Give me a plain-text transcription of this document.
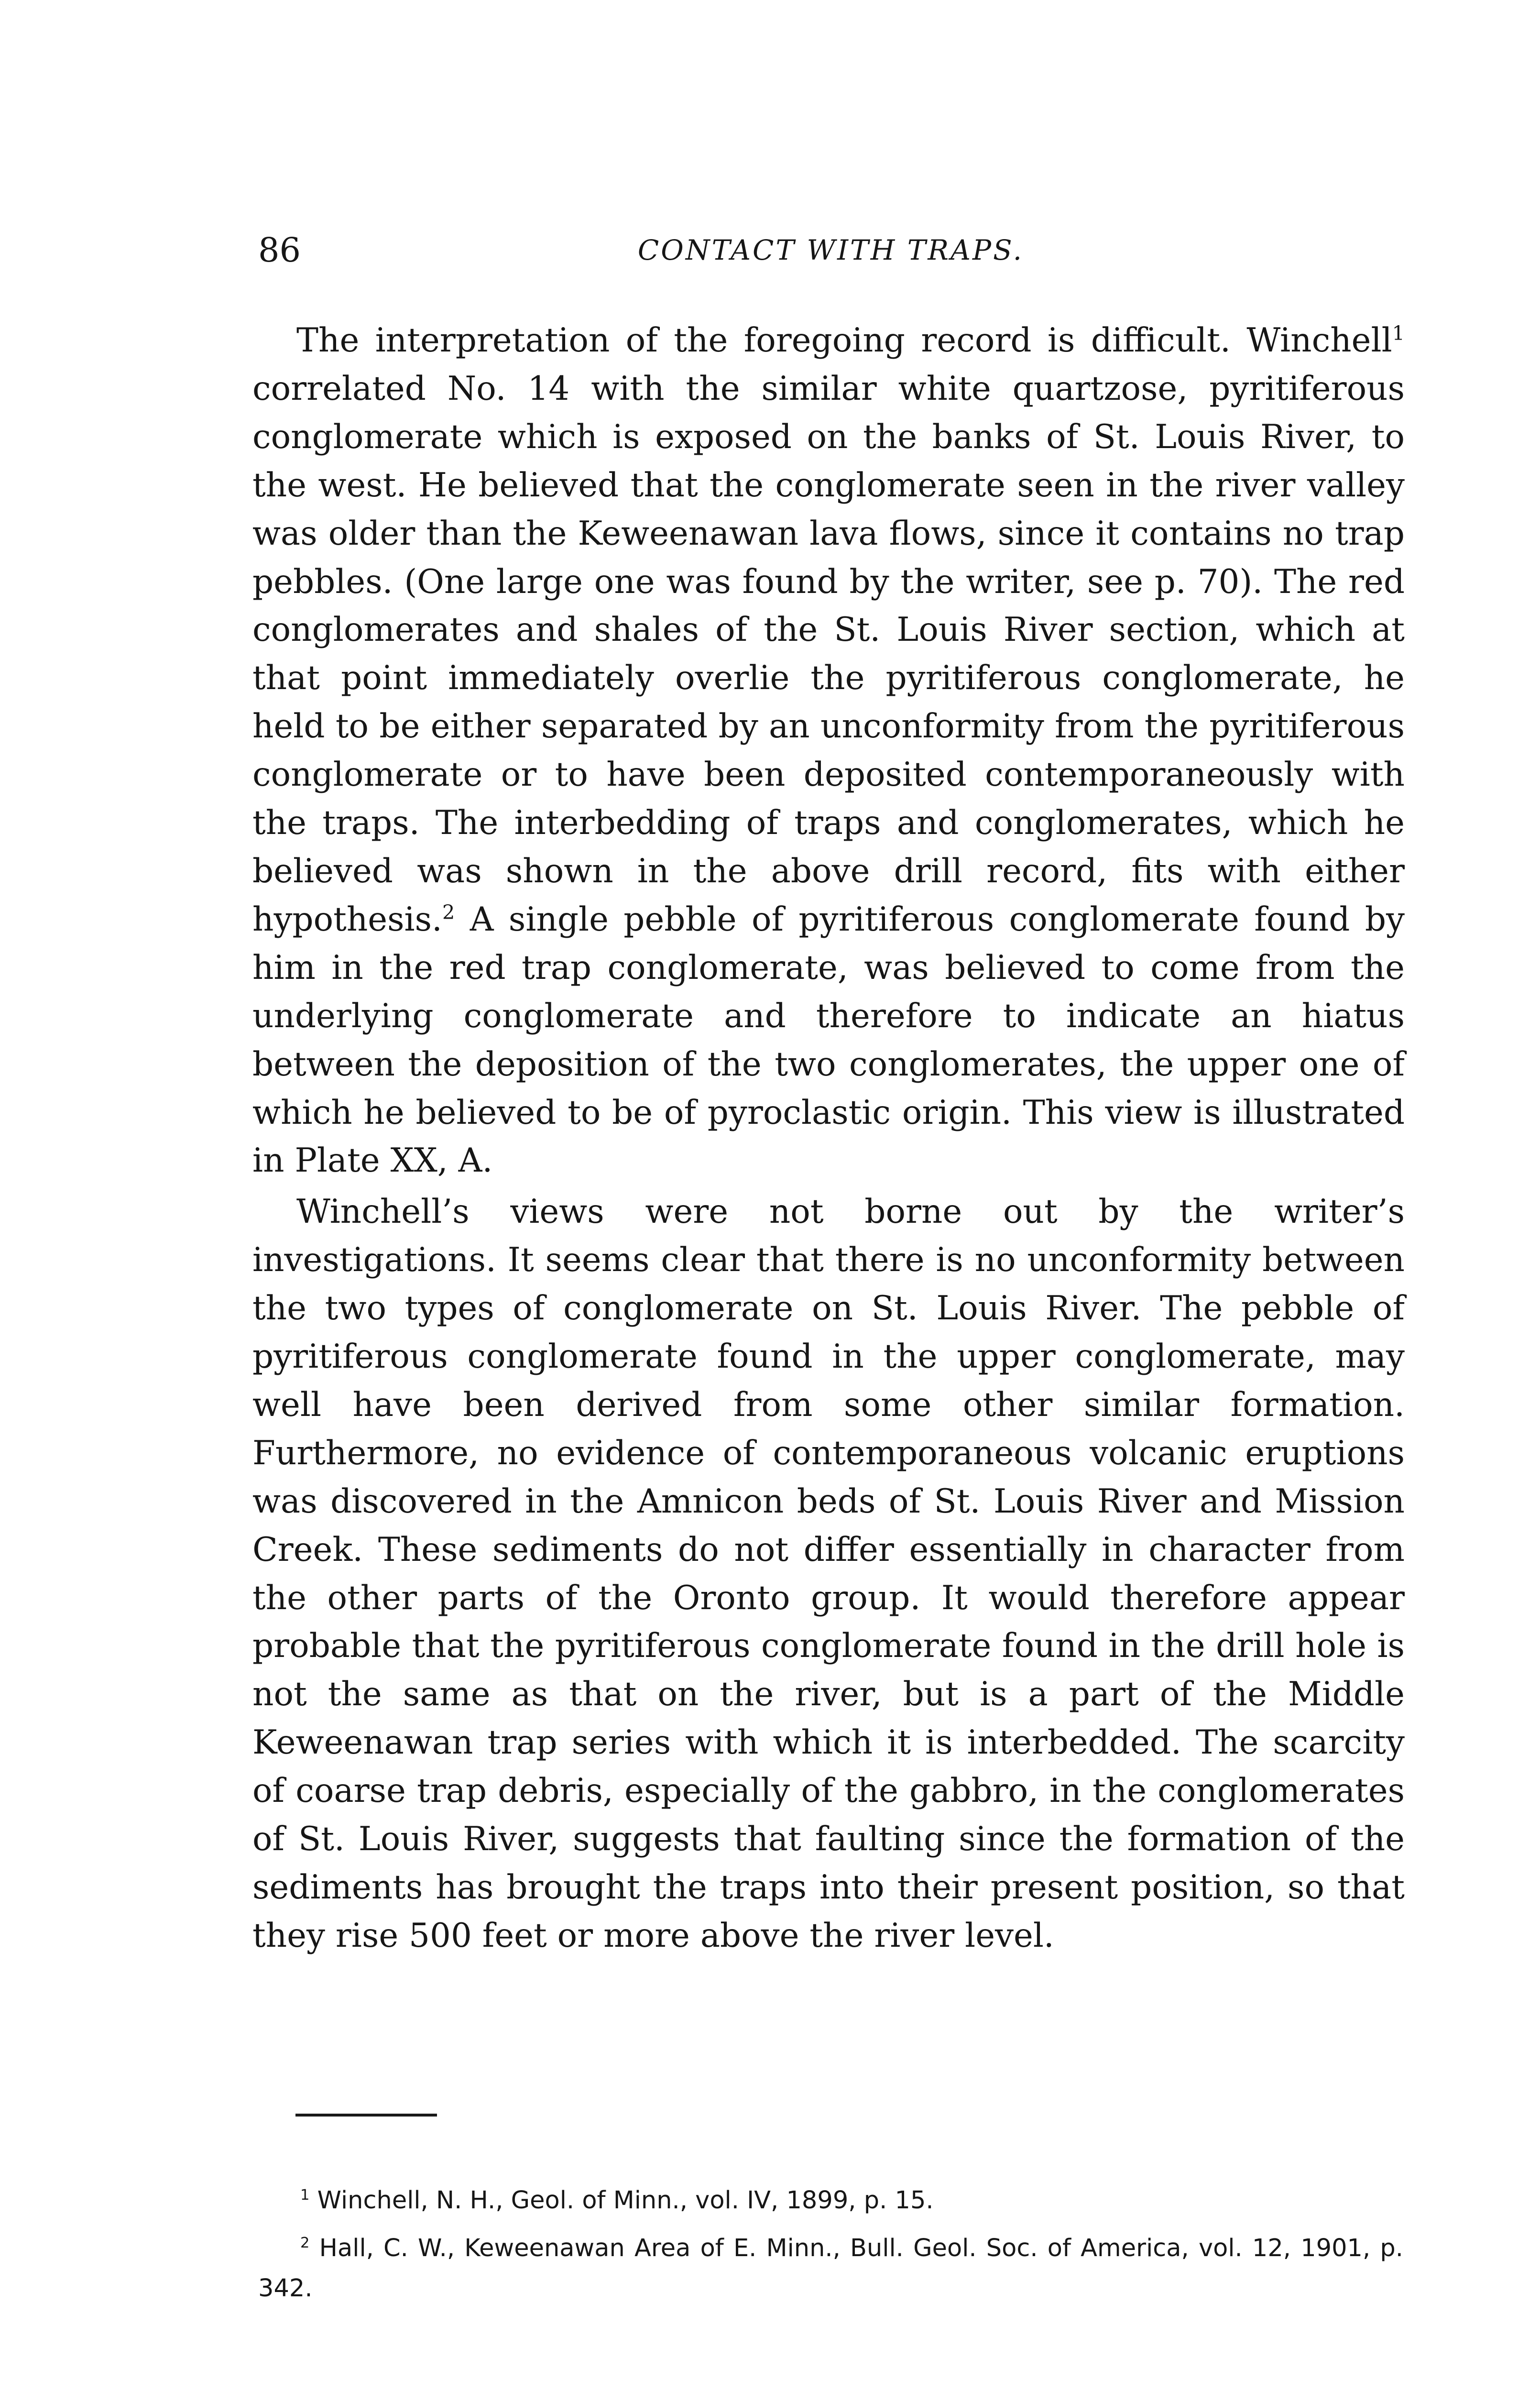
86	CONTACT WITH TRAPS.

The interpretation of the foregoing record is difficult. Winchell$^1$ correlated No. 14 with the similar white quartzose, pyritiferous conglomerate which is exposed on the banks of St. Louis River, to the west. He believed that the conglomerate seen in the river valley was older than the Keweenawan lava flows, since it contains no trap pebbles. (One large one was found by the writer, see p. 70). The red conglomerates and shales of the St. Louis River section, which at that point immediately overlie the pyritiferous conglomerate, he held to be either separated by an unconformity from the pyritiferous conglomerate or to have been deposited contemporaneously with the traps. The interbedding of traps and conglomerates, which he believed was shown in the above drill record, fits with either hypothesis.$^2$ A single pebble of pyritiferous conglomerate found by him in the red trap conglomerate, was believed to come from the underlying conglomerate and therefore to indicate an hiatus between the deposition of the two conglomerates, the upper one of which he believed to be of pyroclastic origin. This view is illustrated in Plate XX, A.

Winchell’s views were not borne out by the writer’s investigations. It seems clear that there is no unconformity between the two types of conglomerate on St. Louis River. The pebble of pyritiferous conglomerate found in the upper conglomerate, may well have been derived from some other similar formation. Furthermore, no evidence of contemporaneous volcanic eruptions was discovered in the Amnicon beds of St. Louis River and Mission Creek. These sediments do not differ essentially in character from the other parts of the Oronto group. It would therefore appear probable that the pyritiferous conglomerate found in the drill hole is not the same as that on the river, but is a part of the Middle Keweenawan trap series with which it is interbedded. The scarcity of coarse trap debris, especially of the gabbro, in the conglomerates of St. Louis River, suggests that faulting since the formation of the sediments has brought the traps into their present position, so that they rise 500 feet or more above the river level.

$^1$ Winchell, N. H., Geol. of Minn., vol. IV, 1899, p. 15.

$^2$ Hall, C. W., Keweenawan Area of E. Minn., Bull. Geol. Soc. of America, vol. 12, 1901, p. 342.
